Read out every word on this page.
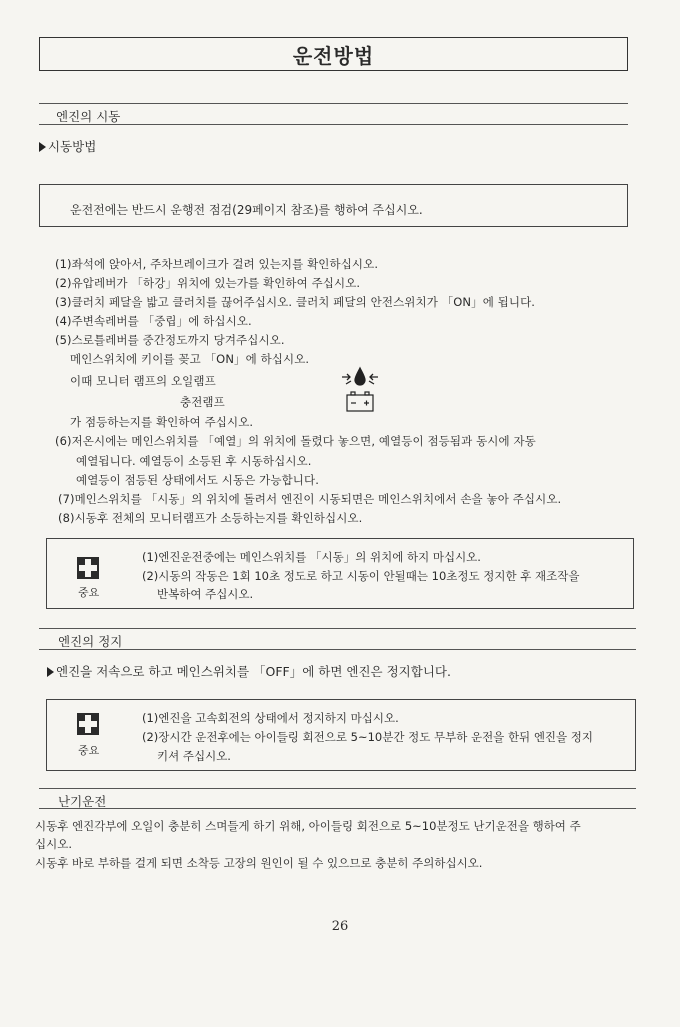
운전방법
엔진의 시동
시동방법
운전전에는 반드시 운행전 점검(29페이지 참조)를 행하여 주십시오.
(1)좌석에 앉아서, 주차브레이크가 걸려 있는지를 확인하십시오.
(2)유압레버가 「하강」위치에 있는가를 확인하여 주십시오.
(3)클러치 페달을 밟고 클러치를 끊어주십시오. 클러치 페달의 안전스위치가 「ON」에 됩니다.
(4)주변속레버를 「중립」에 하십시오.
(5)스로틀레버를 중간정도까지 당겨주십시오.
메인스위치에 키이를 꽂고 「ON」에 하십시오.
이때 모니터 램프의 오일램프
충전램프
가 점등하는지를 확인하여 주십시오.
(6)저온시에는 메인스위치를 「예열」의 위치에 돌렸다 놓으면, 예열등이 점등됨과 동시에 자동
예열됩니다. 예열등이 소등된 후 시동하십시오.
예열등이 점등된 상태에서도 시동은 가능합니다.
(7)메인스위치를 「시동」의 위치에 돌려서 엔진이 시동되면은 메인스위치에서 손을 놓아 주십시오.
(8)시동후 전체의 모니터램프가 소등하는지를 확인하십시오.
중요
(1)엔진운전중에는 메인스위치를 「시동」의 위치에 하지 마십시오.
(2)시동의 작동은 1회 10초 정도로 하고 시동이 안될때는 10초정도 정지한 후 재조작을
반복하여 주십시오.
엔진의 정지
엔진을 저속으로 하고 메인스위치를 「OFF」에 하면 엔진은 정지합니다.
중요
(1)엔진을 고속회전의 상태에서 정지하지 마십시오.
(2)장시간 운전후에는 아이들링 회전으로 5~10분간 정도 무부하 운전을 한뒤 엔진을 정지
키셔 주십시오.
난기운전
시동후 엔진각부에 오일이 충분히 스며들게 하기 위해, 아이들링 회전으로 5~10분정도 난기운전을 행하여 주
십시오.
시동후 바로 부하를 걸게 되면 소착등 고장의 원인이 될 수 있으므로 충분히 주의하십시오.
26
